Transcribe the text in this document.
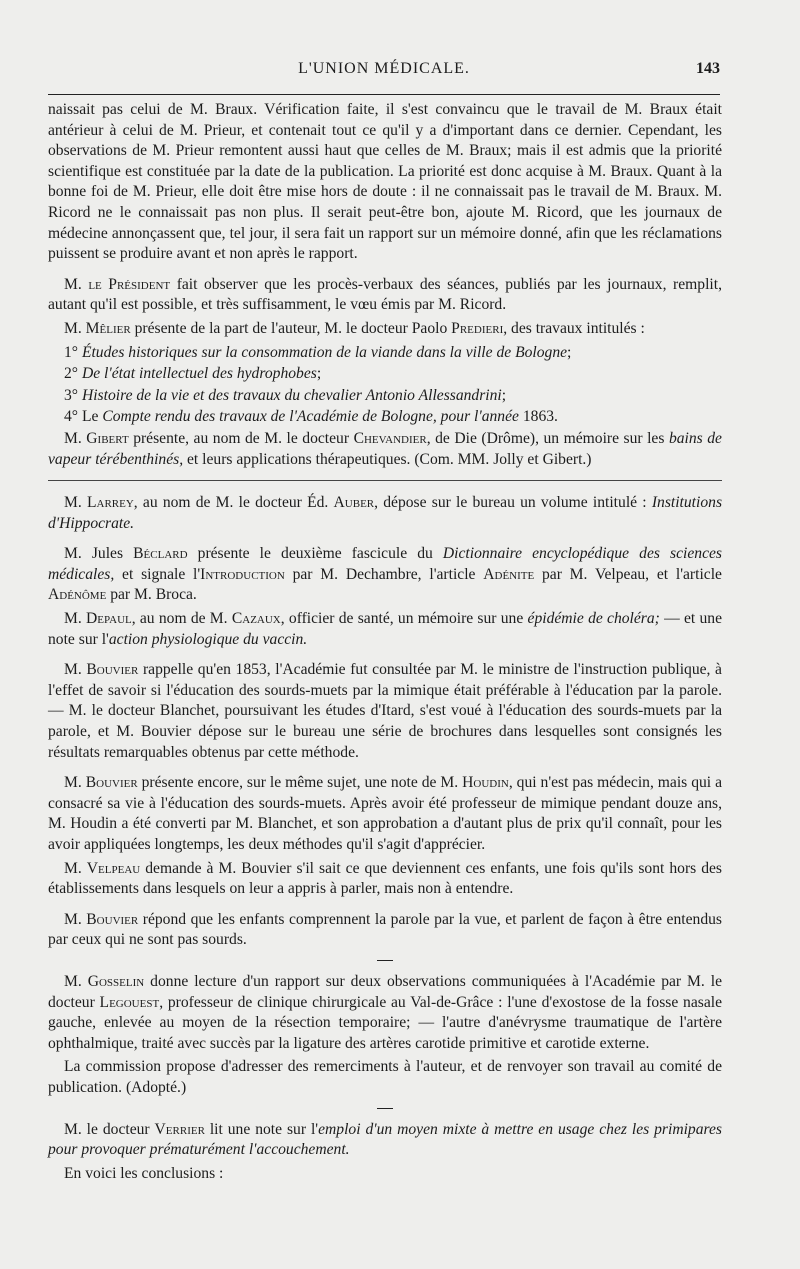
L'UNION MÉDICALE.	143

naissait pas celui de M. Braux. Vérification faite, il s'est convaincu que le travail de M. Braux était antérieur à celui de M. Prieur, et contenait tout ce qu'il y a d'important dans ce dernier. Cependant, les observations de M. Prieur remontent aussi haut que celles de M. Braux; mais il est admis que la priorité scientifique est constituée par la date de la publication. La priorité est donc acquise à M. Braux. Quant à la bonne foi de M. Prieur, elle doit être mise hors de doute : il ne connaissait pas le travail de M. Braux. M. Ricord ne le connaissait pas non plus. Il serait peut-être bon, ajoute M. Ricord, que les journaux de médecine annonçassent que, tel jour, il sera fait un rapport sur un mémoire donné, afin que les réclamations puissent se produire avant et non après le rapport.

M. le Président fait observer que les procès-verbaux des séances, publiés par les journaux, remplit, autant qu'il est possible, et très suffisamment, le vœu émis par M. Ricord.

M. Mêlier présente de la part de l'auteur, M. le docteur Paolo Predieri, des travaux intitulés :

1° Études historiques sur la consommation de la viande dans la ville de Bologne;

2° De l'état intellectuel des hydrophobes;

3° Histoire de la vie et des travaux du chevalier Antonio Allessandrini;

4° Le Compte rendu des travaux de l'Académie de Bologne, pour l'année 1863.

M. Gibert présente, au nom de M. le docteur Chevandier, de Die (Drôme), un mémoire sur les bains de vapeur térébenthinés, et leurs applications thérapeutiques. (Com. MM. Jolly et Gibert.)

M. Larrey, au nom de M. le docteur Éd. Auber, dépose sur le bureau un volume intitulé : Institutions d'Hippocrate.

M. Jules Béclard présente le deuxième fascicule du Dictionnaire encyclopédique des sciences médicales, et signale l'Introduction par M. Dechambre, l'article Adénite par M. Velpeau, et l'article Adénôme par M. Broca.

M. Depaul, au nom de M. Cazaux, officier de santé, un mémoire sur une épidémie de choléra; — et une note sur l'action physiologique du vaccin.

M. Bouvier rappelle qu'en 1853, l'Académie fut consultée par M. le ministre de l'instruction publique, à l'effet de savoir si l'éducation des sourds-muets par la mimique était préférable à l'éducation par la parole. — M. le docteur Blanchet, poursuivant les études d'Itard, s'est voué à l'éducation des sourds-muets par la parole, et M. Bouvier dépose sur le bureau une série de brochures dans lesquelles sont consignés les résultats remarquables obtenus par cette méthode.

M. Bouvier présente encore, sur le même sujet, une note de M. Houdin, qui n'est pas médecin, mais qui a consacré sa vie à l'éducation des sourds-muets. Après avoir été professeur de mimique pendant douze ans, M. Houdin a été converti par M. Blanchet, et son approbation a d'autant plus de prix qu'il connaît, pour les avoir appliquées longtemps, les deux méthodes qu'il s'agit d'apprécier.

M. Velpeau demande à M. Bouvier s'il sait ce que deviennent ces enfants, une fois qu'ils sont hors des établissements dans lesquels on leur a appris à parler, mais non à entendre.

M. Bouvier répond que les enfants comprennent la parole par la vue, et parlent de façon à être entendus par ceux qui ne sont pas sourds.

M. Gosselin donne lecture d'un rapport sur deux observations communiquées à l'Académie par M. le docteur Legouest, professeur de clinique chirurgicale au Val-de-Grâce : l'une d'exostose de la fosse nasale gauche, enlevée au moyen de la résection temporaire; — l'autre d'anévrysme traumatique de l'artère ophthalmique, traité avec succès par la ligature des artères carotide primitive et carotide externe.

La commission propose d'adresser des remerciments à l'auteur, et de renvoyer son travail au comité de publication. (Adopté.)

M. le docteur Verrier lit une note sur l'emploi d'un moyen mixte à mettre en usage chez les primipares pour provoquer prématurément l'accouchement.

En voici les conclusions :
